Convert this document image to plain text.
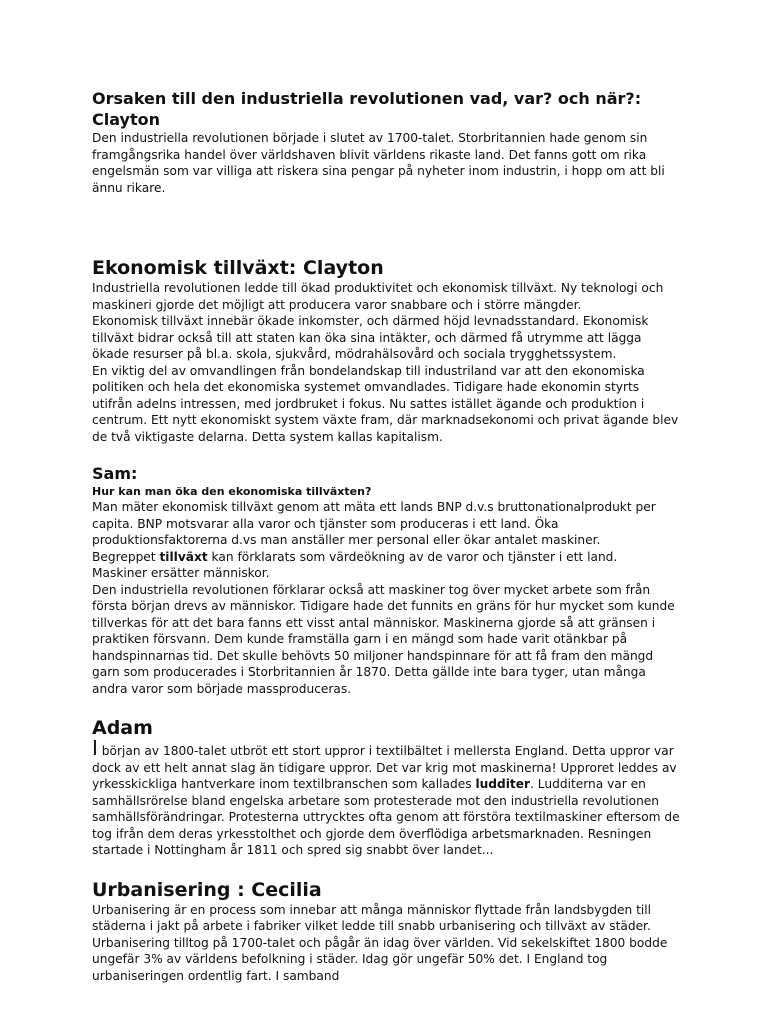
Orsaken till den industriella revolutionen vad, var? och när?: Clayton

Den industriella revolutionen började i slutet av 1700-talet. Storbritannien hade genom sin framgångsrika handel över världshaven blivit världens rikaste land. Det fanns gott om rika engelsmän som var villiga att riskera sina pengar på nyheter inom industrin, i hopp om att bli ännu rikare.

Ekonomisk tillväxt: Clayton

Industriella revolutionen ledde till ökad produktivitet och ekonomisk tillväxt. Ny teknologi och maskineri gjorde det möjligt att producera varor snabbare och i större mängder.

Ekonomisk tillväxt innebär ökade inkomster, och därmed höjd levnadsstandard. Ekonomisk tillväxt bidrar också till att staten kan öka sina intäkter, och därmed få utrymme att lägga ökade resurser på bl.a. skola, sjukvård, mödrahälsovård och sociala trygghetssystem.

En viktig del av omvandlingen från bondelandskap till industriland var att den ekonomiska politiken och hela det ekonomiska systemet omvandlades. Tidigare hade ekonomin styrts utifrån adelns intressen, med jordbruket i fokus. Nu sattes istället ägande och produktion i centrum. Ett nytt ekonomiskt system växte fram, där marknadsekonomi och privat ägande blev de två viktigaste delarna. Detta system kallas kapitalism.

Sam:
Hur kan man öka den ekonomiska tillväxten?

Man mäter ekonomisk tillväxt genom att mäta ett lands BNP d.v.s bruttonationalprodukt per capita. BNP motsvarar alla varor och tjänster som produceras i ett land. Öka produktionsfaktorerna d.vs man anställer mer personal eller ökar antalet maskiner.

Begreppet tillväxt kan förklarats som värdeökning av de varor och tjänster i ett land.

Maskiner ersätter människor.

Den industriella revolutionen förklarar också att maskiner tog över mycket arbete som från första början drevs av människor. Tidigare hade det funnits en gräns för hur mycket som kunde tillverkas för att det bara fanns ett visst antal människor. Maskinerna gjorde så att gränsen i praktiken försvann. Dem kunde framställa garn i en mängd som hade varit otänkbar på handspinnarnas tid. Det skulle behövts 50 miljoner handspinnare för att få fram den mängd garn som producerades i Storbritannien år 1870. Detta gällde inte bara tyger, utan många andra varor som började massproduceras.

Adam

I början av 1800-talet utbröt ett stort uppror i textilbältet i mellersta England. Detta uppror var dock av ett helt annat slag än tidigare uppror. Det var krig mot maskinerna! Upproret leddes av yrkesskickliga hantverkare inom textilbranschen som kallades ludditer. Ludditerna var en samhällsrörelse bland engelska arbetare som protesterade mot den industriella revolutionen samhällsförändringar. Protesterna uttrycktes ofta genom att förstöra textilmaskiner eftersom de tog ifrån dem deras yrkesstolthet och gjorde dem överflödiga arbetsmarknaden. Resningen startade i Nottingham år 1811 och spred sig snabbt över landet...

Urbanisering : Cecilia

Urbanisering är en process som innebar att många människor flyttade från landsbygden till städerna i jakt på arbete i fabriker vilket ledde till snabb urbanisering och tillväxt av städer. Urbanisering tilltog på 1700-talet och pågår än idag över världen. Vid sekelskiftet 1800 bodde ungefär 3% av världens befolkning i städer. Idag gör ungefär 50% det. I England tog urbaniseringen ordentlig fart. I samband
